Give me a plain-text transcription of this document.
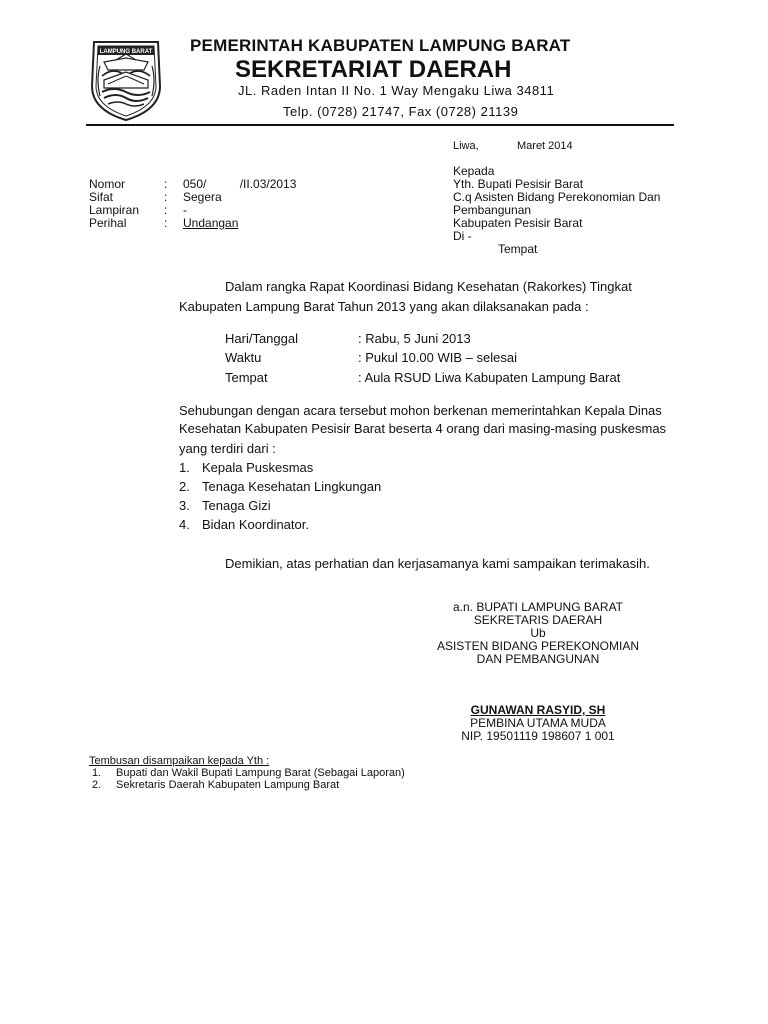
LAMPUNG BARAT PEMERINTAH KABUPATEN LAMPUNG BARAT
SEKRETARIAT DAERAH
JL. Raden Intan II No. 1 Way Mengaku Liwa 34811
Telp. (0728) 21747, Fax (0728) 21139
Liwa,	Maret 2014
Nomor	: 050/          /II.03/2013
Sifat	: Segera
Lampiran : -
Perihal	: Undangan
Kepada
Yth. Bupati Pesisir Barat
C.q Asisten Bidang Perekonomian Dan
Pembangunan
Kabupaten Pesisir Barat
Di -
Tempat
Dalam rangka Rapat Koordinasi Bidang Kesehatan (Rakorkes) Tingkat
Kabupaten Lampung Barat Tahun 2013 yang akan dilaksanakan pada :
Hari/Tanggal	: Rabu, 5 Juni 2013
Waktu	: Pukul 10.00 WIB – selesai
Tempat	: Aula RSUD Liwa Kabupaten Lampung Barat
Sehubungan dengan acara tersebut mohon berkenan memerintahkan Kepala Dinas
Kesehatan Kabupaten Pesisir Barat beserta 4 orang dari masing-masing puskesmas
yang terdiri dari :
1. Kepala Puskesmas
2. Tenaga Kesehatan Lingkungan
3. Tenaga Gizi
4. Bidan Koordinator.
Demikian, atas perhatian dan kerjasamanya kami sampaikan terimakasih.
a.n. BUPATI LAMPUNG BARAT
SEKRETARIS DAERAH
Ub
ASISTEN BIDANG PEREKONOMIAN
DAN PEMBANGUNAN
GUNAWAN RASYID, SH
PEMBINA UTAMA MUDA
NIP. 19501119 198607 1 001
Tembusan disampaikan kepada Yth :
1. Bupati dan Wakil Bupati Lampung Barat (Sebagai Laporan)
2. Sekretaris Daerah Kabupaten Lampung Barat
